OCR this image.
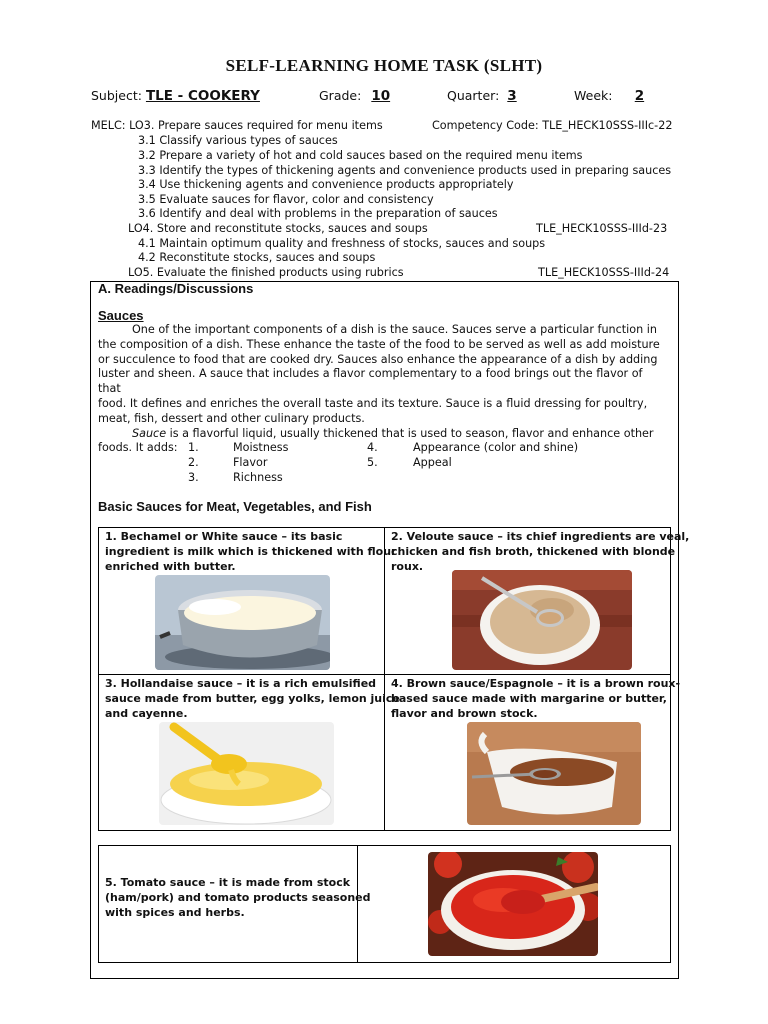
SELF-LEARNING HOME TASK (SLHT)
Subject: TLE - COOKERY	Grade: 10	Quarter: 3	Week: 2
MELC: LO3. Prepare sauces required for menu items	Competency Code: TLE_HECK10SSS-IIIc-22
3.1 Classify various types of sauces
3.2 Prepare a variety of hot and cold sauces based on the required menu items
3.3 Identify the types of thickening agents and convenience products used in preparing sauces
3.4 Use thickening agents and convenience products appropriately
3.5 Evaluate sauces for flavor, color and consistency
3.6 Identify and deal with problems in the preparation of sauces
LO4. Store and reconstitute stocks, sauces and soups	TLE_HECK10SSS-IIId-23
4.1 Maintain optimum quality and freshness of stocks, sauces and soups
4.2 Reconstitute stocks, sauces and soups
LO5. Evaluate the finished products using rubrics	TLE_HECK10SSS-IIId-24
A. Readings/Discussions
Sauces
One of the important components of a dish is the sauce. Sauces serve a particular function in
the composition of a dish. These enhance the taste of the food to be served as well as add moisture
or succulence to food that are cooked dry. Sauces also enhance the appearance of a dish by adding
luster and sheen. A sauce that includes a flavor complementary to a food brings out the flavor of that
food. It defines and enriches the overall taste and its texture. Sauce is a fluid dressing for poultry,
meat, fish, dessert and other culinary products.
Sauce is a flavorful liquid, usually thickened that is used to season, flavor and enhance other
foods. It adds: 1.	Moistness
2.	Flavor
3.	Richness
4.	Appearance (color and shine)
5.	Appeal
Basic Sauces for Meat, Vegetables, and Fish
1. Bechamel or White sauce – its basic
ingredient is milk which is thickened with flour
enriched with butter.
2. Veloute sauce – its chief ingredients are veal,
chicken and fish broth, thickened with blonde
roux.
3. Hollandaise sauce – it is a rich emulsified
sauce made from butter, egg yolks, lemon juice
and cayenne.
4. Brown sauce/Espagnole – it is a brown roux-
based sauce made with margarine or butter,
flavor and brown stock.
5. Tomato sauce – it is made from stock
(ham/pork) and tomato products seasoned
with spices and herbs.
